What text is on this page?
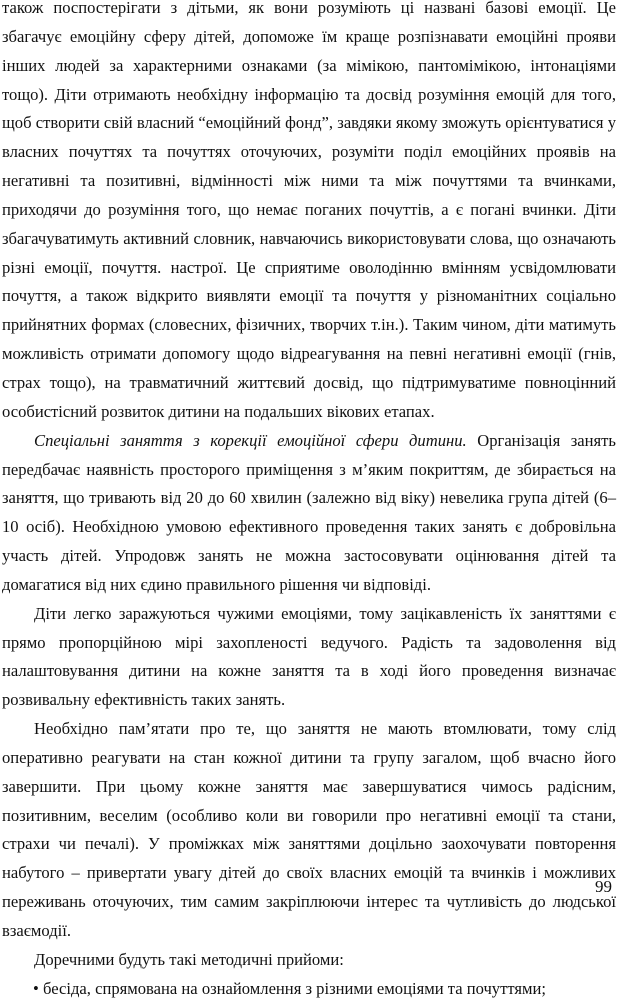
також поспостерігати з дітьми, як вони розуміють ці названі базові емоції. Це збагачує емоційну сферу дітей, допоможе їм краще розпізнавати емоційні прояви інших людей за характерними ознаками (за мімікою, пантомімікою, інтонаціями тощо). Діти отримають необхідну інформацію та досвід розуміння емоцій для того, щоб створити свій власний “емоційний фонд”, завдяки якому зможуть орієнтуватися у власних почуттях та почуттях оточуючих, розуміти поділ емоційних проявів на негативні та позитивні, відмінності між ними та між почуттями та вчинками, приходячи до розуміння того, що немає поганих почуттів, а є погані вчинки. Діти збагачуватимуть активний словник, навчаючись використовувати слова, що означають різні емоції, почуття. настрої. Це сприятиме оволодінню вмінням усвідомлювати почуття, а також відкрито виявляти емоції та почуття у різноманітних соціально прийнятних формах (словесних, фізичних, творчих т.ін.). Таким чином, діти матимуть можливість отримати допомогу щодо відреагування на певні негативні емоції (гнів, страх тощо), на травматичний життєвий досвід, що підтримуватиме повноцінний особистісний розвиток дитини на подальших вікових етапах.

Спеціальні заняття з корекції емоційної сфери дитини. Організація занять передбачає наявність просторого приміщення з м’яким покриттям, де збирається на заняття, що тривають від 20 до 60 хвилин (залежно від віку) невелика група дітей (6–10 осіб). Необхідною умовою ефективного проведення таких занять є добровільна участь дітей. Упродовж занять не можна застосовувати оцінювання дітей та домагатися від них єдино правильного рішення чи відповіді.

Діти легко заражуються чужими емоціями, тому зацікавленість їх заняттями є прямо пропорційною мірі захопленості ведучого. Радість та задоволення від налаштовування дитини на кожне заняття та в ході його проведення визначає розвивальну ефективність таких занять.

Необхідно пам’ятати про те, що заняття не мають втомлювати, тому слід оперативно реагувати на стан кожної дитини та групу загалом, щоб вчасно його завершити. При цьому кожне заняття має завершуватися чимось радісним, позитивним, веселим (особливо коли ви говорили про негативні емоції та стани, страхи чи печалі). У проміжках між заняттями доцільно заохочувати повторення набутого – привертати увагу дітей до своїх власних емоцій та вчинків і можливих переживань оточуючих, тим самим закріплюючи інтерес та чутливість до людської взаємодії.

Доречними будуть такі методичні прийоми:

• бесіда, спрямована на ознайомлення з різними емоціями та почуттями;
99
